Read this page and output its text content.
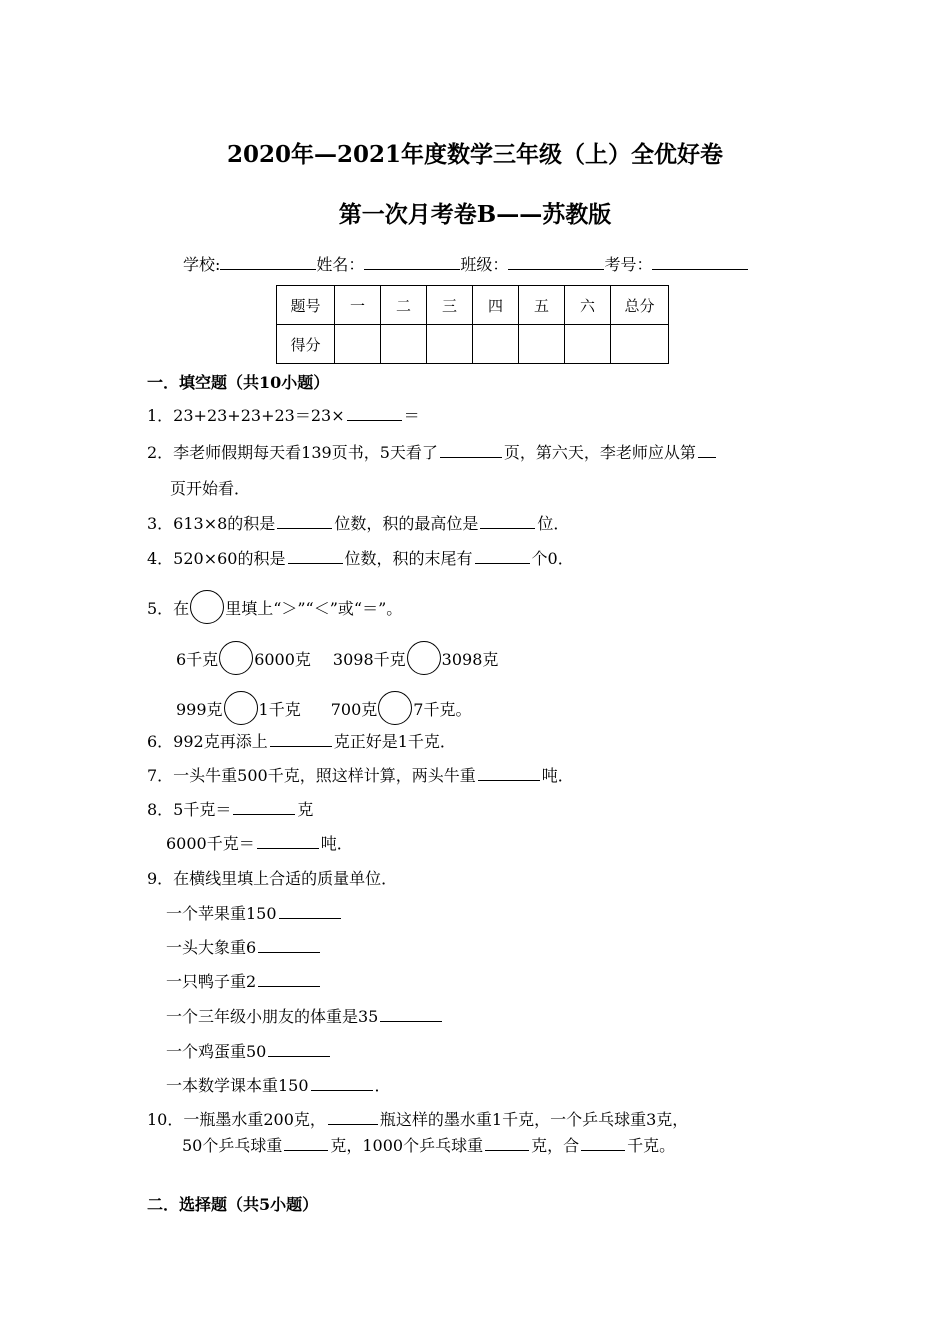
2020年—2021年度数学三年级（上）全优好卷
第一次月考卷B——苏教版
学校:	姓名：	班级：	考号：
题号	一	二	三	四	五	六	总分
得分							
一．填空题（共10小题）
1．23+23+23+23＝23×	＝
2．李老师假期每天看139页书，5天看了	页，第六天，李老师应从第
页开始看．
3．613×8的积是	位数，积的最高位是	位．
4．520×60的积是	位数，积的末尾有	个0．
5．在 里填上“＞”“＜”或“＝”。
6千克 6000克 3098千克 3098克
999克 1千克 700克 7千克。
6．992克再添上	克正好是1千克．
7．一头牛重500千克，照这样计算，两头牛重	吨．
8．5千克＝	克
6000千克＝	吨．
9．在横线里填上合适的质量单位．
一个苹果重150
一头大象重6
一只鸭子重2
一个三年级小朋友的体重是35
一个鸡蛋重50
一本数学课本重150	．
10．一瓶墨水重200克，	瓶这样的墨水重1千克，一个乒乓球重3克，
50个乒乓球重	克，1000个乒乓球重	克，合	千克。
二．选择题（共5小题）
